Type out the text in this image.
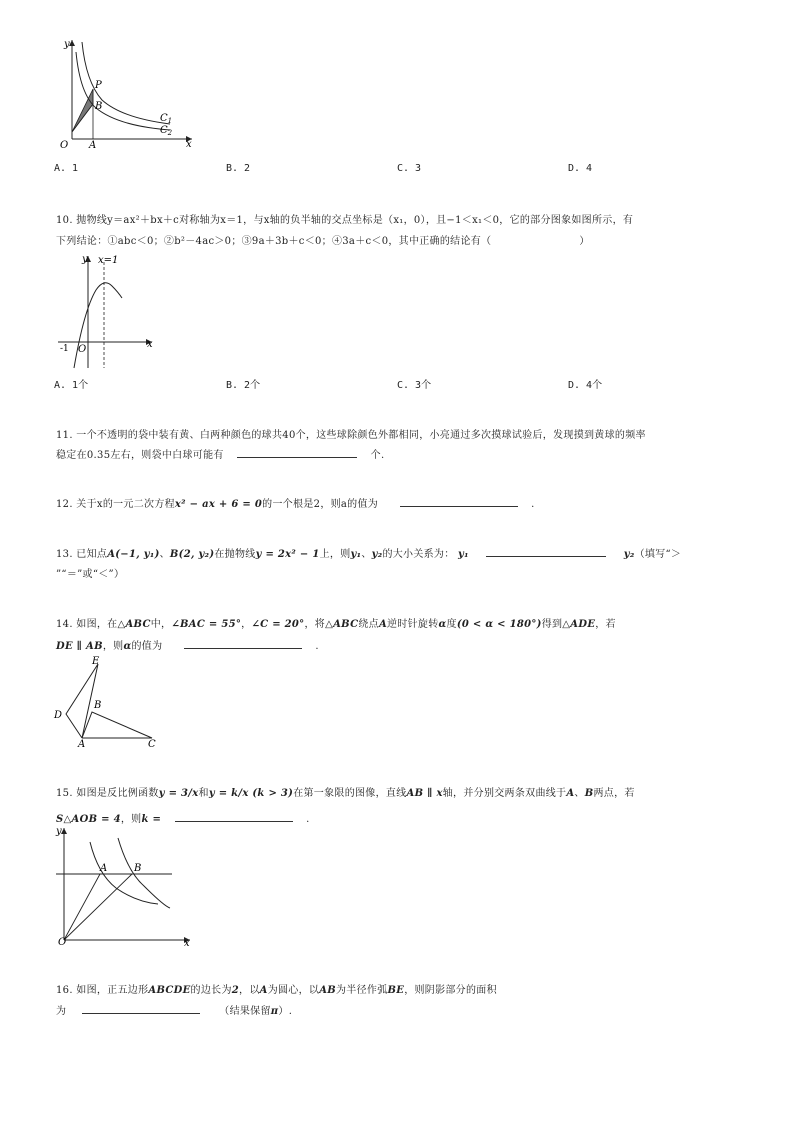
y
O A	x
P
B
$C_1$
$C_2$
A. 1	B. 2	C. 3	D. 4
10. 抛物线y＝ax²＋bx＋c对称轴为x＝1，与x轴的负半轴的交点坐标是（x₁，0），且−1＜x₁＜0，它的部分图象如图所示，有
下列结论：①abc＜0；②b²－4ac＞0；③9a＋3b＋c＜0；④3a＋c＜0，其中正确的结论有（	）
y x=1
-1 O	x
A. 1个	B. 2个	C. 3个	D. 4个
11. 一个不透明的袋中装有黄、白两种颜色的球共40个，这些球除颜色外都相同，小亮通过多次摸球试验后，发现摸到黄球的频率
稳定在0.35左右，则袋中白球可能有	个.
12. 关于x的一元二次方程x² − ax + 6 = 0的一个根是2，则a的值为	.
13. 已知点A(−1, y₁)、B(2, y₂)在抛物线y = 2x² − 1上，则y₁、y₂的大小关系为： y₁	y₂（填写“＞
”“＝”或“＜”）
14. 如图，在△ABC中，∠BAC = 55°，∠C = 20°，将△ABC绕点A逆时针旋转α度(0 < α < 180°)得到△ADE，若
DE ∥ AB，则α的值为	.
E
D
B
A	C
15. 如图是反比例函数y = 3/x和y = k/x (k > 3)在第一象限的图像，直线AB ∥ x轴，并分别交两条双曲线于A、B两点，若
S△AOB = 4，则k =	.
y
A	B
O	x
16. 如图，正五边形ABCDE的边长为2，以A为圆心，以AB为半径作弧BE，则阴影部分的面积
为	（结果保留π）.
